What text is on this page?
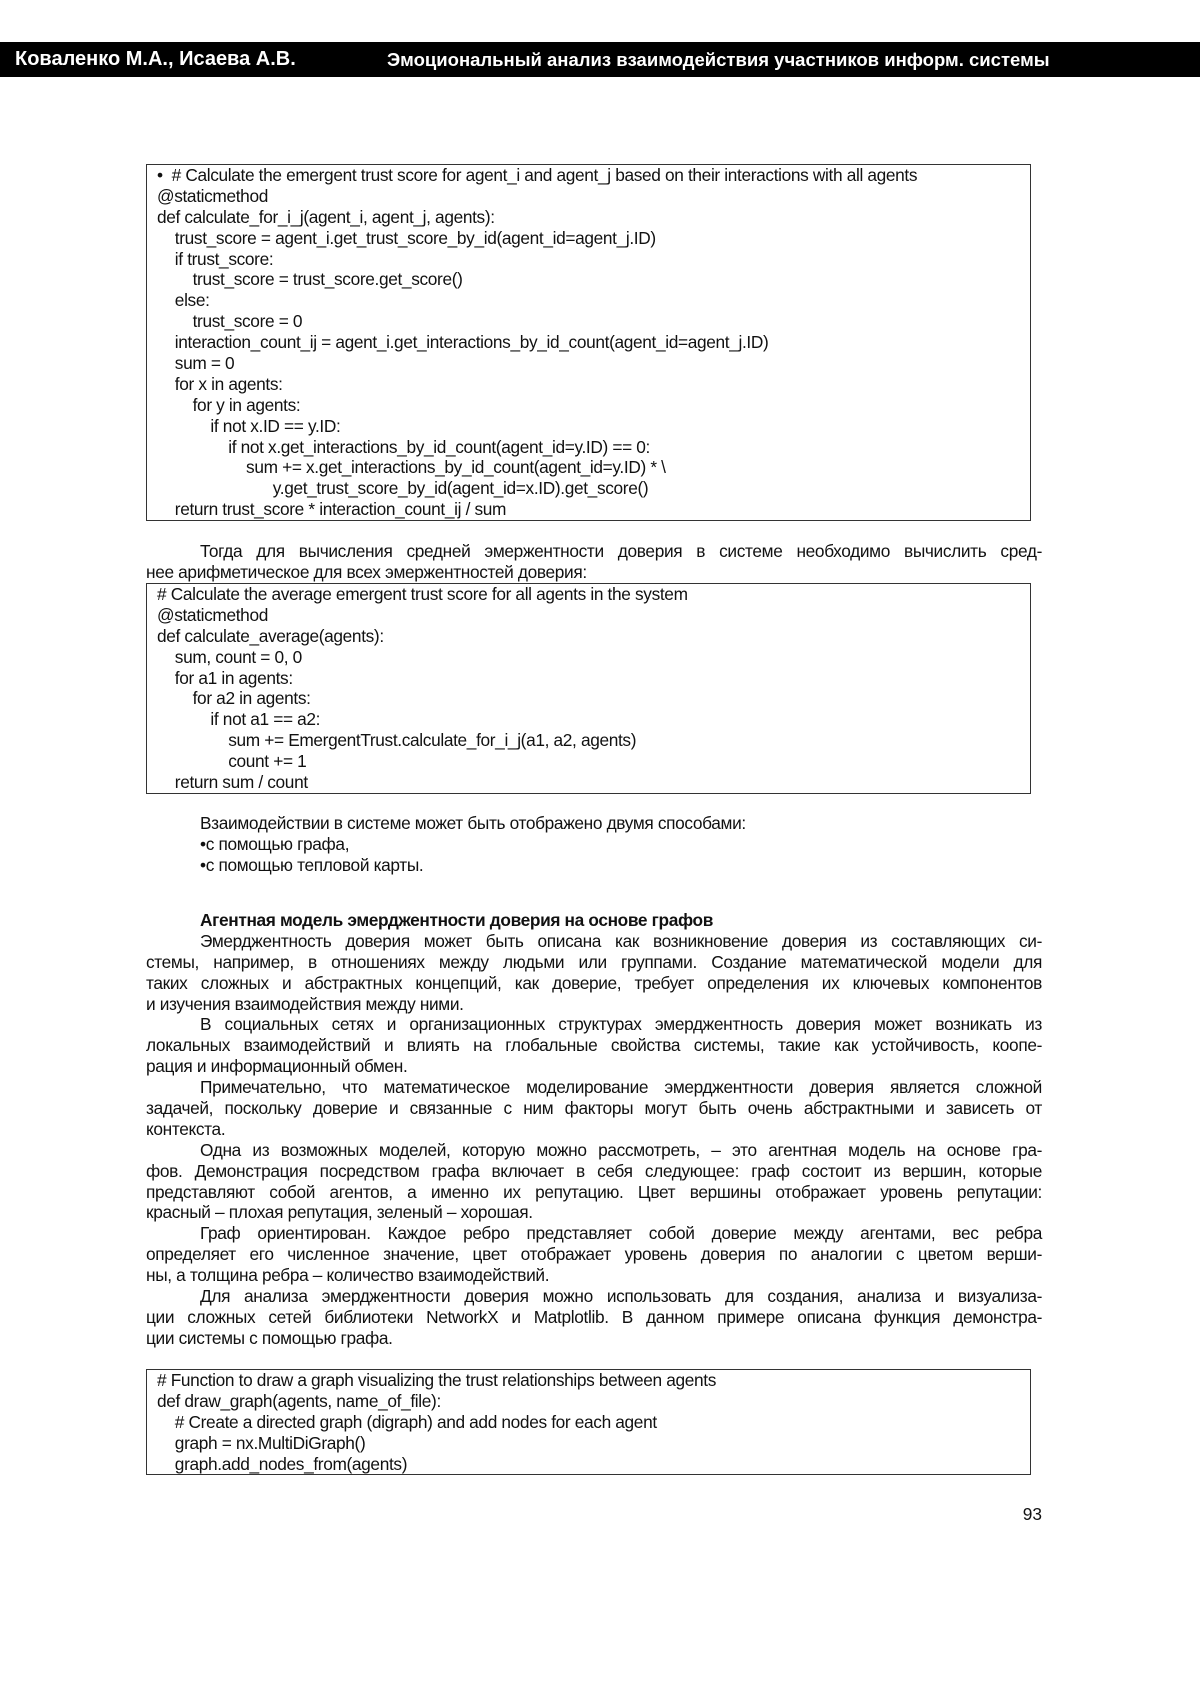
Коваленко М.А., Исаева А.В.	Эмоциональный анализ взаимодействия участников информ. системы
•  # Calculate the emergent trust score for agent_i and agent_j based on their interactions with all agents
@staticmethod
def calculate_for_i_j(agent_i, agent_j, agents):
trust_score = agent_i.get_trust_score_by_id(agent_id=agent_j.ID)
if trust_score:
trust_score = trust_score.get_score()
else:
trust_score = 0
interaction_count_ij = agent_i.get_interactions_by_id_count(agent_id=agent_j.ID)
sum = 0
for x in agents:
for y in agents:
if not x.ID == y.ID:
if not x.get_interactions_by_id_count(agent_id=y.ID) == 0:
sum += x.get_interactions_by_id_count(agent_id=y.ID) * \
y.get_trust_score_by_id(agent_id=x.ID).get_score()
return trust_score * interaction_count_ij / sum
Тогда для вычисления средней эмержентности доверия в системе необходимо вычислить сред-
нее арифметическое для всех эмержентностей доверия:
# Calculate the average emergent trust score for all agents in the system
@staticmethod
def calculate_average(agents):
sum, count = 0, 0
for a1 in agents:
for a2 in agents:
if not a1 == a2:
sum += EmergentTrust.calculate_for_i_j(a1, a2, agents)
count += 1
return sum / count
Взаимодействии в системе может быть отображено двумя способами:
•с помощью графа,
•с помощью тепловой карты.
Агентная модель эмерджентности доверия на основе графов
Эмерджентность доверия может быть описана как возникновение доверия из составляющих си-
стемы, например, в отношениях между людьми или группами. Создание математической модели для
таких сложных и абстрактных концепций, как доверие, требует определения их ключевых компонентов
и изучения взаимодействия между ними.
В социальных сетях и организационных структурах эмерджентность доверия может возникать из
локальных взаимодействий и влиять на глобальные свойства системы, такие как устойчивость, коопе-
рация и информационный обмен.
Примечательно, что математическое моделирование эмерджентности доверия является сложной
задачей, поскольку доверие и связанные с ним факторы могут быть очень абстрактными и зависеть от
контекста.
Одна из возможных моделей, которую можно рассмотреть, – это агентная модель на основе гра-
фов. Демонстрация посредством графа включает в себя следующее: граф состоит из вершин, которые
представляют собой агентов, а именно их репутацию. Цвет вершины отображает уровень репутации:
красный – плохая репутация, зеленый – хорошая.
Граф ориентирован. Каждое ребро представляет собой доверие между агентами, вес ребра
определяет его численное значение, цвет отображает уровень доверия по аналогии с цветом верши-
ны, а толщина ребра – количество взаимодействий.
Для анализа эмерджентности доверия можно использовать для создания, анализа и визуализа-
ции сложных сетей библиотеки NetworkX и Matplotlib. В данном примере описана функция демонстра-
ции системы с помощью графа.
# Function to draw a graph visualizing the trust relationships between agents
def draw_graph(agents, name_of_file):
# Create a directed graph (digraph) and add nodes for each agent
graph = nx.MultiDiGraph()
graph.add_nodes_from(agents)
93
